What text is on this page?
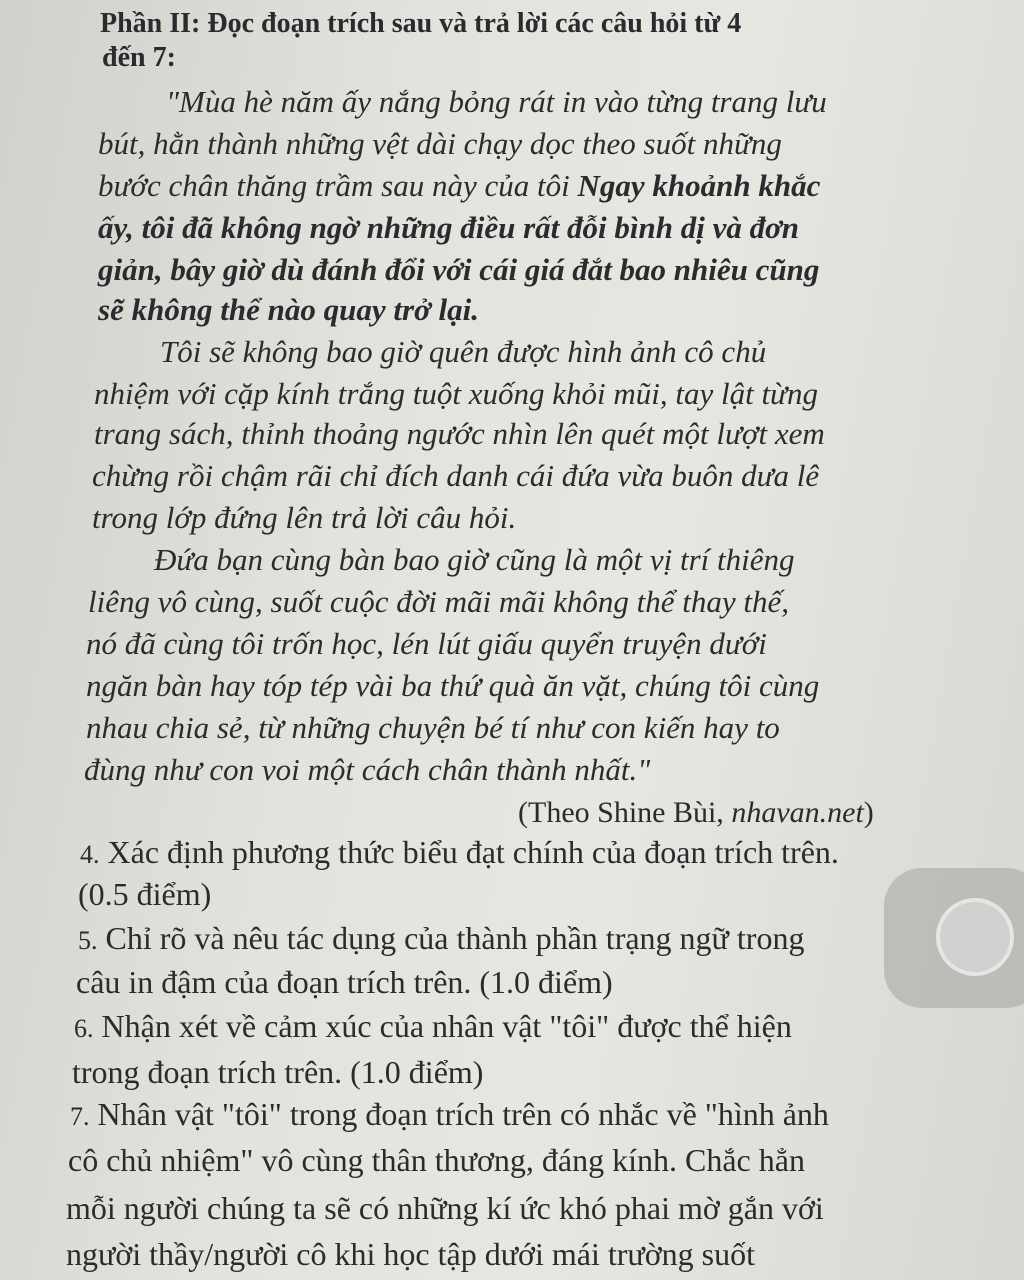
Phần II: Đọc đoạn trích sau và trả lời các câu hỏi từ 4
đến 7:
"Mùa hè năm ấy nắng bỏng rát in vào từng trang lưu
bút, hằn thành những vệt dài chạy dọc theo suốt những
bước chân thăng trầm sau này của tôi Ngay khoảnh khắc
ấy, tôi đã không ngờ những điều rất đỗi bình dị và đơn
giản, bây giờ dù đánh đổi với cái giá đắt bao nhiêu cũng
sẽ không thể nào quay trở lại.
Tôi sẽ không bao giờ quên được hình ảnh cô chủ
nhiệm với cặp kính trắng tuột xuống khỏi mũi, tay lật từng
trang sách, thỉnh thoảng ngước nhìn lên quét một lượt xem
chừng rồi chậm rãi chỉ đích danh cái đứa vừa buôn dưa lê
trong lớp đứng lên trả lời câu hỏi.
Đứa bạn cùng bàn bao giờ cũng là một vị trí thiêng
liêng vô cùng, suốt cuộc đời mãi mãi không thể thay thế,
nó đã cùng tôi trốn học, lén lút giấu quyển truyện dưới
ngăn bàn hay tóp tép vài ba thứ quà ăn vặt, chúng tôi cùng
nhau chia sẻ, từ những chuyện bé tí như con kiến hay to
đùng như con voi một cách chân thành nhất."
(Theo Shine Bùi, nhavan.net)
4. Xác định phương thức biểu đạt chính của đoạn trích trên.
(0.5 điểm)
5. Chỉ rõ và nêu tác dụng của thành phần trạng ngữ trong
câu in đậm của đoạn trích trên. (1.0 điểm)
6. Nhận xét về cảm xúc của nhân vật "tôi" được thể hiện
trong đoạn trích trên. (1.0 điểm)
7. Nhân vật "tôi" trong đoạn trích trên có nhắc về "hình ảnh
cô chủ nhiệm" vô cùng thân thương, đáng kính. Chắc hẳn
mỗi người chúng ta sẽ có những kí ức khó phai mờ gắn với
người thầy/người cô khi học tập dưới mái trường suốt
